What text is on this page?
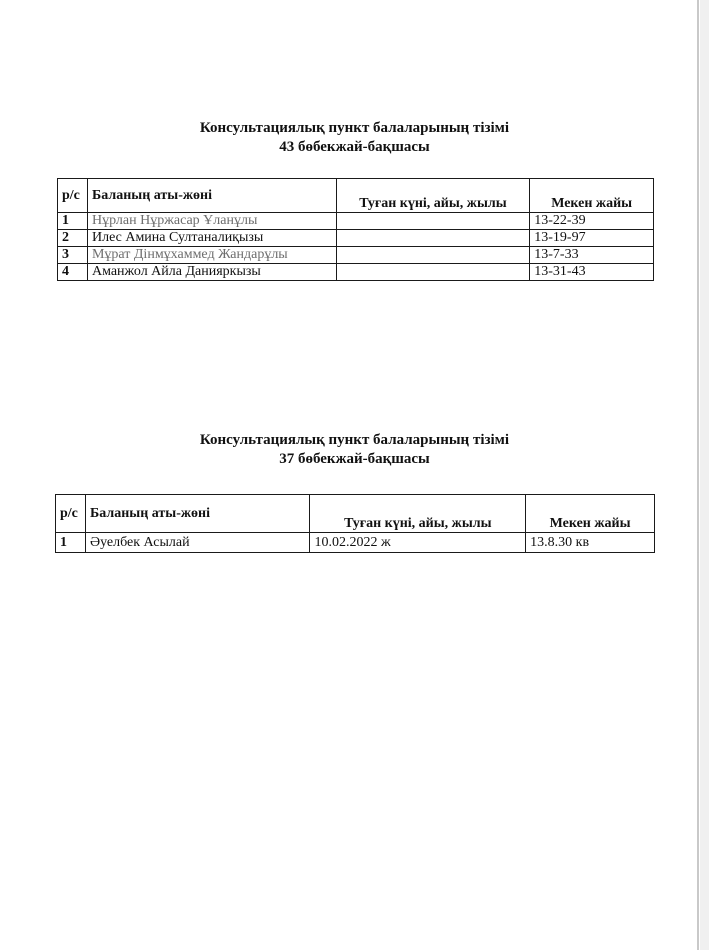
Консультациялық пункт балаларының тізімі
43 бөбекжай-бақшасы
р/с	Баланың аты-жөні	Туған күні, айы, жылы	Мекен жайы
1	Нұрлан Нұржасар Ұланұлы		13-22-39
2	Илес Амина Султаналиқызы		13-19-97
3	Мұрат Дінмұхаммед Жандарұлы		13-7-33
4	Аманжол Айла Данияркызы		13-31-43
Консультациялық пункт балаларының тізімі
37 бөбекжай-бақшасы
р/с	Баланың аты-жөні	Туған күні, айы, жылы	Мекен жайы
1	Әуелбек Асылай	10.02.2022 ж	13.8.30 кв
